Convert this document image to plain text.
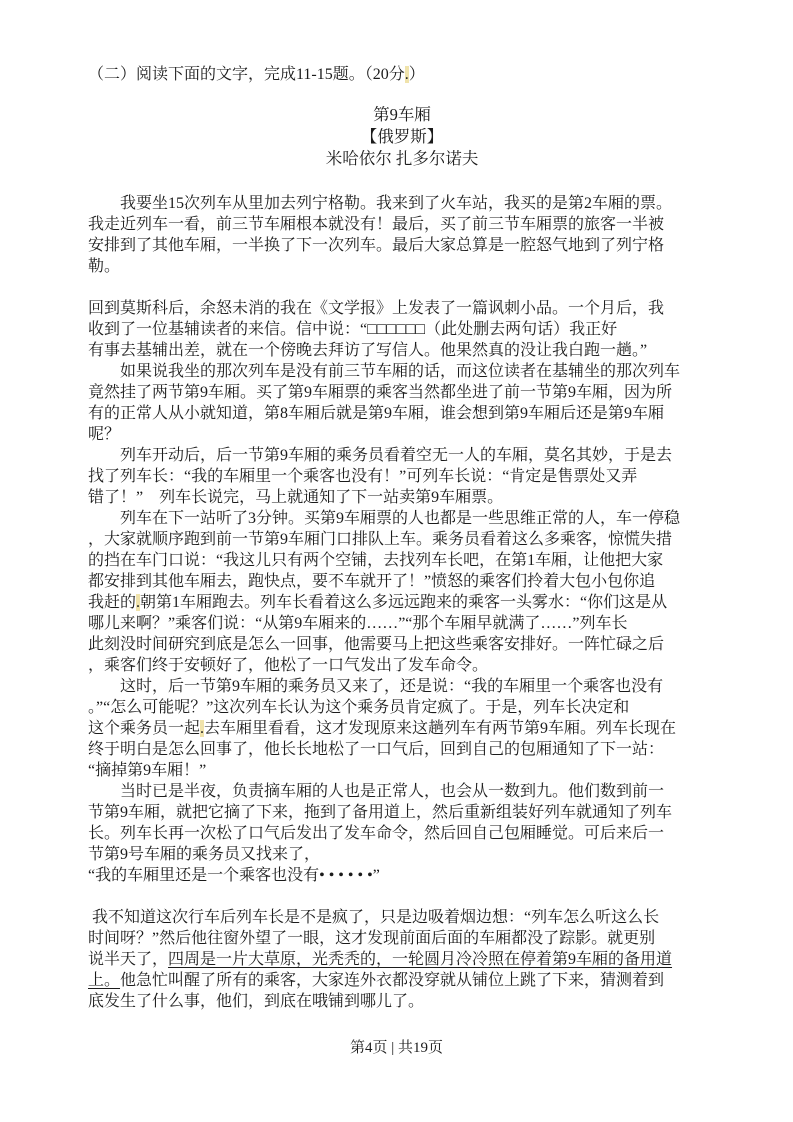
（二）阅读下面的文字，完成11-15题。（20分.）
第9车厢
【俄罗斯】
米哈依尔 扎多尔诺夫
　　我要坐15次列车从里加去列宁格勒。我来到了火车站，我买的是第2车厢的票。
我走近列车一看，前三节车厢根本就没有！最后，买了前三节车厢票的旅客一半被
安排到了其他车厢，一半换了下一次列车。最后大家总算是一腔怒气地到了列宁格
勒。
回到莫斯科后，余怒未消的我在《文学报》上发表了一篇讽刺小品。一个月后，我
收到了一位基辅读者的来信。信中说：“□□□□□□（此处删去两句话）我正好
有事去基辅出差，就在一个傍晚去拜访了写信人。他果然真的没让我白跑一趟。”
　　如果说我坐的那次列车是没有前三节车厢的话，而这位读者在基辅坐的那次列车
竟然挂了两节第9车厢。买了第9车厢票的乘客当然都坐进了前一节第9车厢，因为所
有的正常人从小就知道，第8车厢后就是第9车厢，谁会想到第9车厢后还是第9车厢
呢？
　　列车开动后，后一节第9车厢的乘务员看着空无一人的车厢，莫名其妙，于是去
找了列车长：“我的车厢里一个乘客也没有！”可列车长说：“肯定是售票处又弄
错了！”　列车长说完，马上就通知了下一站卖第9车厢票。
　　列车在下一站听了3分钟。买第9车厢票的人也都是一些思维正常的人，车一停稳
，大家就顺序跑到前一节第9车厢门口排队上车。乘务员看着这么多乘客，惊慌失措
的挡在车门口说：“我这儿只有两个空铺，去找列车长吧，在第1车厢，让他把大家
都安排到其他车厢去，跑快点，要不车就开了！”愤怒的乘客们拎着大包小包你追
我赶的.朝第1车厢跑去。列车长看着这么多远远跑来的乘客一头雾水：“你们这是从
哪儿来啊？”乘客们说：“从第9车厢来的……”“那个车厢早就满了……”列车长
此刻没时间研究到底是怎么一回事，他需要马上把这些乘客安排好。一阵忙碌之后
，乘客们终于安顿好了，他松了一口气发出了发车命令。
　　这时，后一节第9车厢的乘务员又来了，还是说：“我的车厢里一个乘客也没有
。”“怎么可能呢？”这次列车长认为这个乘务员肯定疯了。于是，列车长决定和
这个乘务员一起.去车厢里看看，这才发现原来这趟列车有两节第9车厢。列车长现在
终于明白是怎么回事了，他长长地松了一口气后，回到自己的包厢通知了下一站：
“摘掉第9车厢！”
　　当时已是半夜，负责摘车厢的人也是正常人，也会从一数到九。他们数到前一
节第9车厢，就把它摘了下来，拖到了备用道上，然后重新组装好列车就通知了列车
长。列车长再一次松了口气后发出了发车命令，然后回自己包厢睡觉。可后来后一
节第9号车厢的乘务员又找来了，
“我的车厢里还是一个乘客也没有• • • • • •”
我不知道这次行车后列车长是不是疯了，只是边吸着烟边想：“列车怎么听这么长
时间呀？”然后他往窗外望了一眼，这才发现前面后面的车厢都没了踪影。就更别
说半天了，四周是一片大草原，光秃秃的，一轮圆月冷冷照在停着第9车厢的备用道
上。他急忙叫醒了所有的乘客，大家连外衣都没穿就从铺位上跳了下来，猜测着到
底发生了什么事，他们，到底在哦铺到哪儿了。
第4页 | 共19页
